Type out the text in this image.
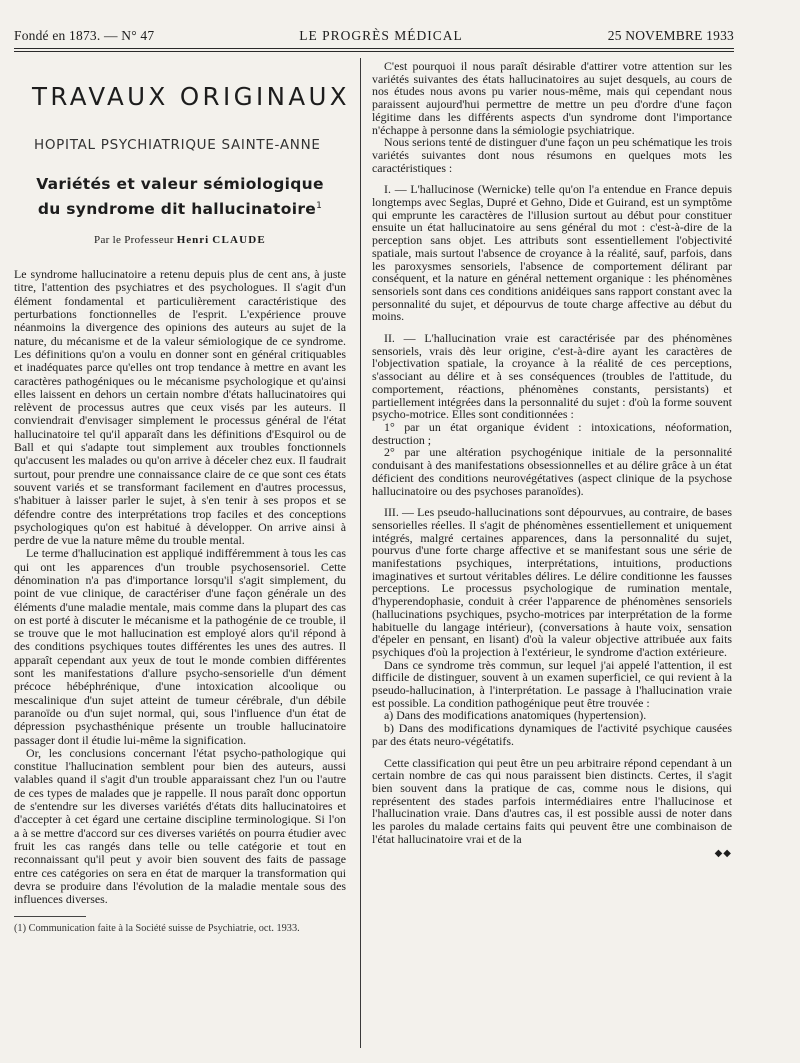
Fondé en 1873. — N° 47	LE PROGRÈS MÉDICAL	25 NOVEMBRE 1933
TRAVAUX ORIGINAUX
HOPITAL PSYCHIATRIQUE SAINTE-ANNE
Variétés et valeur sémiologique
du syndrome dit hallucinatoire$^1$
Par le Professeur Henri CLAUDE

Le syndrome hallucinatoire a retenu depuis plus de cent ans, à juste titre, l'attention des psychiatres et des psychologues. Il s'agit d'un élément fondamental et particulièrement caractéristique des perturbations fonctionnelles de l'esprit. L'expérience prouve néanmoins la divergence des opinions des auteurs au sujet de la nature, du mécanisme et de la valeur sémiologique de ce syndrome. Les définitions qu'on a voulu en donner sont en général critiquables et inadéquates parce qu'elles ont trop tendance à mettre en avant les caractères pathogéniques ou le mécanisme psychologique et qu'ainsi elles laissent en dehors un certain nombre d'états hallucinatoires qui relèvent de processus autres que ceux visés par les auteurs. Il conviendrait d'envisager simplement le processus général de l'état hallucinatoire tel qu'il apparaît dans les définitions d'Esquirol ou de Ball et qui s'adapte tout simplement aux troubles fonctionnels qu'accusent les malades ou qu'on arrive à déceler chez eux. Il faudrait surtout, pour prendre une connaissance claire de ce que sont ces états souvent variés et se transformant facilement en d'autres processus, s'habituer à laisser parler le sujet, à s'en tenir à ses propos et se défendre contre des interprétations trop faciles et des conceptions psychologiques qu'on est habitué à développer. On arrive ainsi à perdre de vue la nature même du trouble mental.

Le terme d'hallucination est appliqué indifféremment à tous les cas qui ont les apparences d'un trouble psychosensoriel. Cette dénomination n'a pas d'importance lorsqu'il s'agit simplement, du point de vue clinique, de caractériser d'une façon générale un des éléments d'une maladie mentale, mais comme dans la plupart des cas on est porté à discuter le mécanisme et la pathogénie de ce trouble, il se trouve que le mot hallucination est employé alors qu'il répond à des conditions psychiques toutes différentes les unes des autres. Il apparaît cependant aux yeux de tout le monde combien différentes sont les manifestations d'allure psycho-sensorielle d'un dément précoce hébéphrénique, d'une intoxication alcoolique ou mescalinique d'un sujet atteint de tumeur cérébrale, d'un débile paranoïde ou d'un sujet normal, qui, sous l'influence d'un état de dépression psychasthénique présente un trouble hallucinatoire passager dont il étudie lui-même la signification.

Or, les conclusions concernant l'état psycho-pathologique qui constitue l'hallucination semblent pour bien des auteurs, aussi valables quand il s'agit d'un trouble apparaissant chez l'un ou l'autre de ces types de malades que je rappelle. Il nous paraît donc opportun de s'entendre sur les diverses variétés d'états dits hallucinatoires et d'accepter à cet égard une certaine discipline terminologique. Si l'on a à se mettre d'accord sur ces diverses variétés on pourra étudier avec fruit les cas rangés dans telle ou telle catégorie et tout en reconnaissant qu'il peut y avoir bien souvent des faits de passage entre ces catégories on sera en état de marquer la transformation qui devra se produire dans l'évolution de la maladie mentale sous des influences diverses.

(1) Communication faite à la Société suisse de Psychiatrie, oct. 1933.

C'est pourquoi il nous paraît désirable d'attirer votre attention sur les variétés suivantes des états hallucinatoires au sujet desquels, au cours de nos études nous avons pu varier nous-même, mais qui cependant nous paraissent aujourd'hui permettre de mettre un peu d'ordre d'une façon légitime dans les différents aspects d'un syndrome dont l'importance n'échappe à personne dans la sémiologie psychiatrique.

Nous serions tenté de distinguer d'une façon un peu schématique les trois variétés suivantes dont nous résumons en quelques mots les caractéristiques :

I. — L'hallucinose (Wernicke) telle qu'on l'a entendue en France depuis longtemps avec Seglas, Dupré et Gehno, Dide et Guirand, est un symptôme qui emprunte les caractères de l'illusion surtout au début pour constituer ensuite un état hallucinatoire au sens général du mot : c'est-à-dire de la perception sans objet. Les attributs sont essentiellement l'objectivité spatiale, mais surtout l'absence de croyance à la réalité, sauf, parfois, dans les paroxysmes sensoriels, l'absence de comportement délirant par conséquent, et la nature en général nettement organique : les phénomènes sensoriels sont dans ces conditions anidéiques sans rapport constant avec la personnalité du sujet, et dépourvus de toute charge affective au début du moins.

II. — L'hallucination vraie est caractérisée par des phénomènes sensoriels, vrais dès leur origine, c'est-à-dire ayant les caractères de l'objectivation spatiale, la croyance à la réalité de ces perceptions, s'associant au délire et à ses conséquences (troubles de l'attitude, du comportement, réactions, phénomènes constants, persistants) et partiellement intégrées dans la personnalité du sujet : d'où la forme souvent psycho-motrice. Elles sont conditionnées :

1° par un état organique évident : intoxications, néoformation, destruction ;

2° par une altération psychogénique initiale de la personnalité conduisant à des manifestations obsessionnelles et au délire grâce à un état déficient des conditions neurovégétatives (aspect clinique de la psychose hallucinatoire ou des psychoses paranoïdes).

III. — Les pseudo-hallucinations sont dépourvues, au contraire, de bases sensorielles réelles. Il s'agit de phénomènes essentiellement et uniquement intégrés, malgré certaines apparences, dans la personnalité du sujet, pourvus d'une forte charge affective et se manifestant sous une série de manifestations psychiques, interprétations, intuitions, productions imaginatives et surtout véritables délires. Le délire conditionne les fausses perceptions. Le processus psychologique de rumination mentale, d'hyperendophasie, conduit à créer l'apparence de phénomènes sensoriels (hallucinations psychiques, psycho-motrices par interprétation de la forme habituelle du langage intérieur), (conversations à haute voix, sensation d'épeler en pensant, en lisant) d'où la valeur objective attribuée aux faits psychiques d'où la projection à l'extérieur, le syndrome d'action extérieure.

Dans ce syndrome très commun, sur lequel j'ai appelé l'attention, il est difficile de distinguer, souvent à un examen superficiel, ce qui revient à la pseudo-hallucination, à l'interprétation. Le passage à l'hallucination vraie est possible. La condition pathogénique peut être trouvée :

a) Dans des modifications anatomiques (hypertension).

b) Dans des modifications dynamiques de l'activité psychique causées par des états neuro-végétatifs.

Cette classification qui peut être un peu arbitraire répond cependant à un certain nombre de cas qui nous paraissent bien distincts. Certes, il s'agit bien souvent dans la pratique de cas, comme nous le disions, qui représentent des stades parfois intermédiaires entre l'hallucinose et l'hallucination vraie. Dans d'autres cas, il est possible aussi de noter dans les paroles du malade certains faits qui peuvent être une combinaison de l'état hallucinatoire vrai et de la

◆◆
